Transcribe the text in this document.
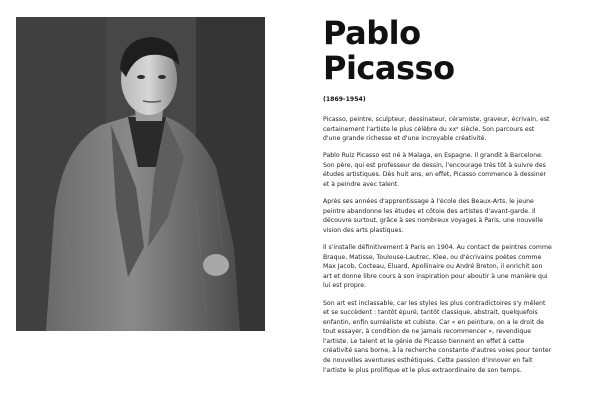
Pablo
Picasso
(1869-1954)

Picasso, peintre, sculpteur, dessinateur, céramiste, graveur, écrivain, est certainement l'artiste le plus célèbre du xxᵉ siècle. Son parcours est d'une grande richesse et d'une incroyable créativité.

Pablo Ruiz Picasso est né à Malaga, en Espagne. Il grandit à Barcelone. Son père, qui est professeur de dessin, l'encourage très tôt à suivre des études artistiques. Dès huit ans, en effet, Picasso commence à dessiner et à peindre avec talent.

Après ses années d'apprentissage à l'école des Beaux-Arts, le jeune peintre abandonne les études et côtoie des artistes d'avant-garde. Il découvre surtout, grâce à ses nombreux voyages à Paris, une nouvelle vision des arts plastiques.

Il s'installe définitivement à Paris en 1904. Au contact de peintres comme Braque, Matisse, Toulouse-Lautrec, Klee, ou d'écrivains poètes comme Max Jacob, Cocteau, Eluard, Apollinaire ou André Breton, il enrichit son art et donne libre cours à son inspiration pour aboutir à une manière qui lui est propre.

Son art est inclassable, car les styles les plus contradictoires s'y mêlent et se succèdent : tantôt épuré, tantôt classique, abstrait, quelquefois enfantin, enfin surréaliste et cubiste. Car « en peinture, on a le droit de tout essayer, à condition de ne jamais recommencer », revendique l'artiste. Le talent et le génie de Picasso tiennent en effet à cette créativité sans borne, à la recherche constante d'autres voies pour tenter de nouvelles aventures esthétiques. Cette passion d'innover en fait l'artiste le plus prolifique et le plus extraordinaire de son temps.
